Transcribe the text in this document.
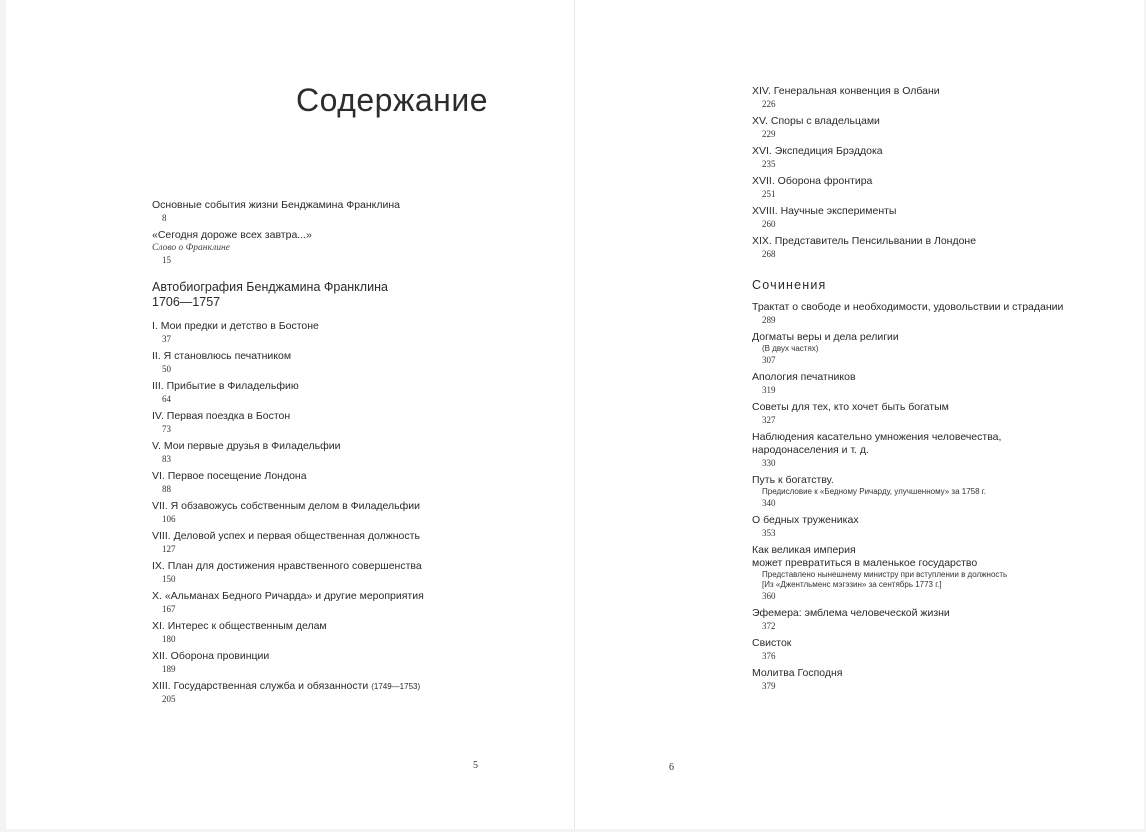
Содержание
Основные события жизни Бенджамина Франклина
8
«Сегодня дороже всех завтра...»
Слово о Франклине
15
Автобиография Бенджамина Франклина
1706—1757
I. Мои предки и детство в Бостоне
37
II. Я становлюсь печатником
50
III. Прибытие в Филадельфию
64
IV. Первая поездка в Бостон
73
V. Мои первые друзья в Филадельфии
83
VI. Первое посещение Лондона
88
VII. Я обзавожусь собственным делом в Филадельфии
106
VIII. Деловой успех и первая общественная должность
127
IX. План для достижения нравственного совершенства
150
X. «Альманах Бедного Ричарда» и другие мероприятия
167
XI. Интерес к общественным делам
180
XII. Оборона провинции
189
XIII. Государственная служба и обязанности (1749—1753)
205
5
XIV. Генеральная конвенция в Олбани
226
XV. Споры с владельцами
229
XVI. Экспедиция Брэддока
235
XVII. Оборона фронтира
251
XVIII. Научные эксперименты
260
XIX. Представитель Пенсильвании в Лондоне
268
Сочинения
Трактат о свободе и необходимости, удовольствии и страдании
289
Догматы веры и дела религии
(В двух частях)
307
Апология печатников
319
Советы для тех, кто хочет быть богатым
327
Наблюдения касательно умножения человечества,
народонаселения и т. д.
330
Путь к богатству.
Предисловие к «Бедному Ричарду, улучшенному» за 1758 г.
340
О бедных тружениках
353
Как великая империя
может превратиться в маленькое государство
Представлено нынешнему министру при вступлении в должность
[Из «Джентльменс мэгэзин» за сентябрь 1773 г.]
360
Эфемера: эмблема человеческой жизни
372
Свисток
376
Молитва Господня
379
6
